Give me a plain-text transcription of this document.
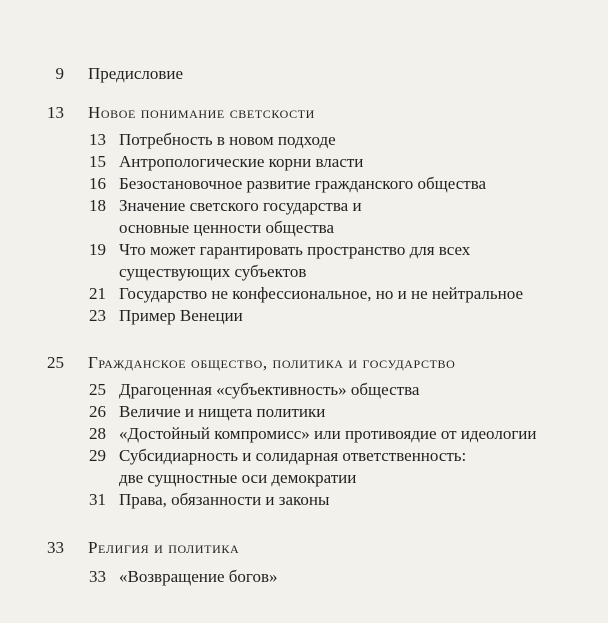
9 Предисловие
13 Новое понимание светскости
13 Потребность в новом подходе
15 Антропологические корни власти
16 Безостановочное развитие гражданского общества
18 Значение светского государства и
основные ценности общества
19 Что может гарантировать пространство для всех
существующих субъектов
21 Государство не конфессиональное, но и не нейтральное
23 Пример Венеции
25 Гражданское общество, политика и государство
25 Драгоценная «субъективность» общества
26 Величие и нищета политики
28 «Достойный компромисс» или противоядие от идеологии
29 Субсидиарность и солидарная ответственность:
две сущностные оси демократии
31 Права, обязанности и законы
33 Религия и политика
33 «Возвращение богов»
